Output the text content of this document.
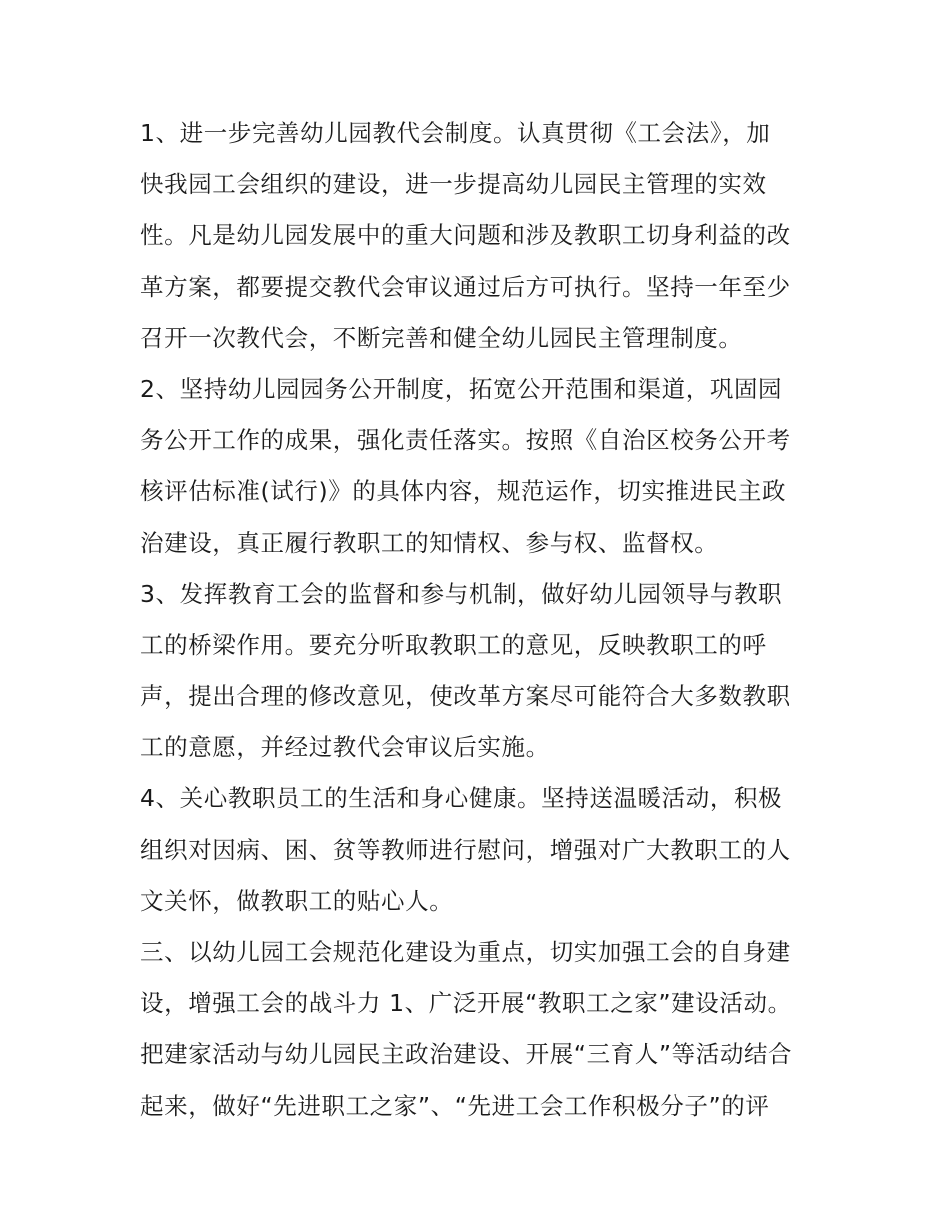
1、进一步完善幼儿园教代会制度。认真贯彻《工会法》，加
快我园工会组织的建设，进一步提高幼儿园民主管理的实效
性。凡是幼儿园发展中的重大问题和涉及教职工切身利益的改
革方案，都要提交教代会审议通过后方可执行。坚持一年至少
召开一次教代会，不断完善和健全幼儿园民主管理制度。
2、坚持幼儿园园务公开制度，拓宽公开范围和渠道，巩固园
务公开工作的成果，强化责任落实。按照《自治区校务公开考
核评估标准(试行)》的具体内容，规范运作，切实推进民主政
治建设，真正履行教职工的知情权、参与权、监督权。
3、发挥教育工会的监督和参与机制，做好幼儿园领导与教职
工的桥梁作用。要充分听取教职工的意见，反映教职工的呼
声，提出合理的修改意见，使改革方案尽可能符合大多数教职
工的意愿，并经过教代会审议后实施。
4、关心教职员工的生活和身心健康。坚持送温暖活动，积极
组织对因病、困、贫等教师进行慰问，增强对广大教职工的人
文关怀，做教职工的贴心人。
三、以幼儿园工会规范化建设为重点，切实加强工会的自身建
设，增强工会的战斗力 1、广泛开展“教职工之家”建设活动。
把建家活动与幼儿园民主政治建设、开展“三育人”等活动结合
起来，做好“先进职工之家”、“先进工会工作积极分子”的评
